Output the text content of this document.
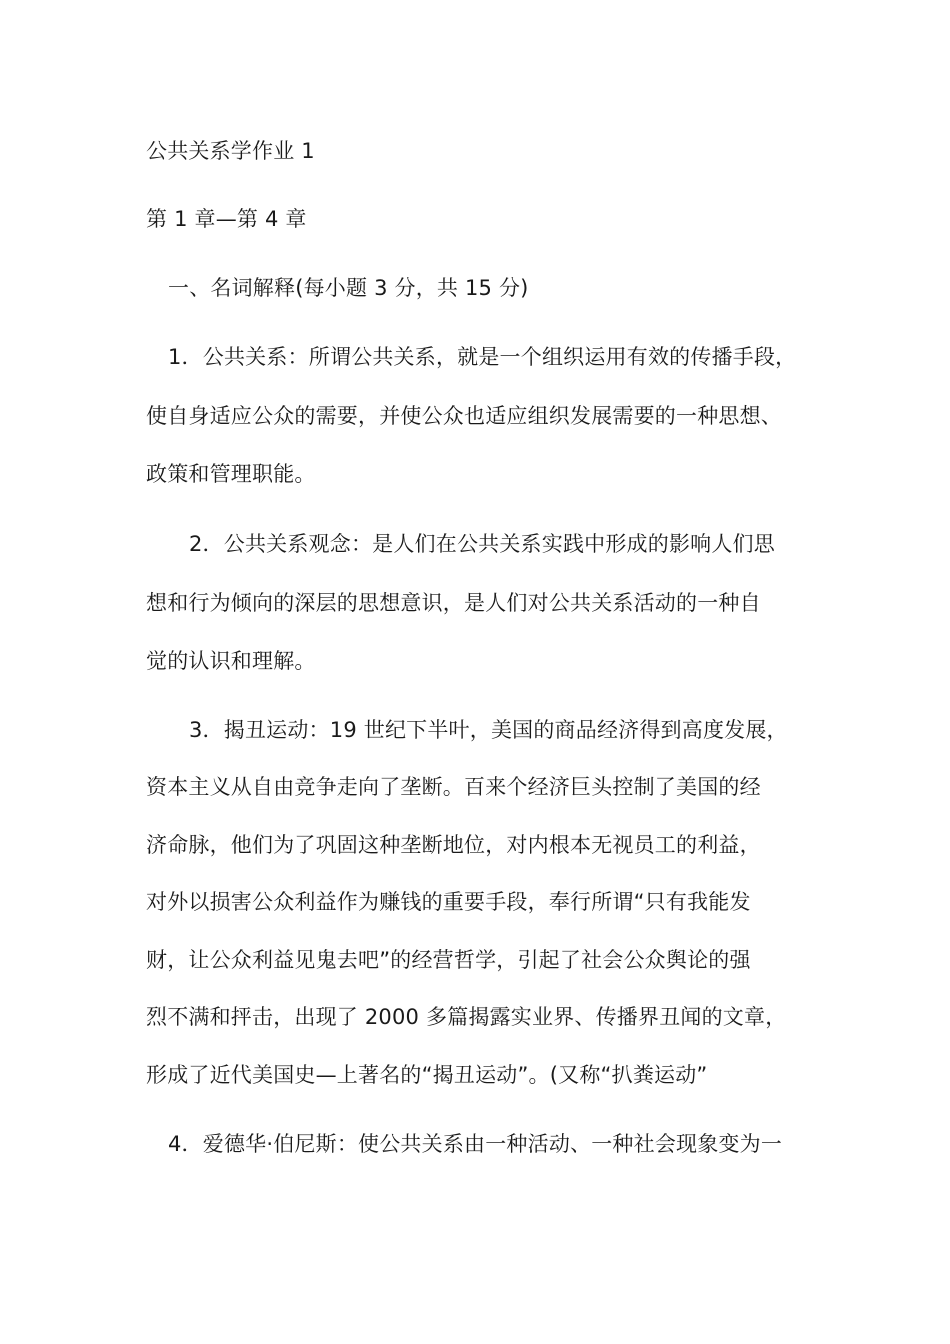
公共关系学作业 1
第 1 章—第 4 章
一、名词解释(每小题 3 分，共 15 分)
1．公共关系：所谓公共关系，就是一个组织运用有效的传播手段，
使自身适应公众的需要，并使公众也适应组织发展需要的一种思想、
政策和管理职能。
2．公共关系观念：是人们在公共关系实践中形成的影响人们思
想和行为倾向的深层的思想意识，是人们对公共关系活动的一种自
觉的认识和理解。
3．揭丑运动：19 世纪下半叶，美国的商品经济得到高度发展，
资本主义从自由竞争走向了垄断。百来个经济巨头控制了美国的经
济命脉，他们为了巩固这种垄断地位，对内根本无视员工的利益，
对外以损害公众利益作为赚钱的重要手段，奉行所谓“只有我能发
财，让公众利益见鬼去吧”的经营哲学，引起了社会公众舆论的强
烈不满和抨击，出现了 2000 多篇揭露实业界、传播界丑闻的文章，
形成了近代美国史—上著名的“揭丑运动”。(又称“扒粪运动”
4．爱德华·伯尼斯：使公共关系由一种活动、一种社会现象变为一
